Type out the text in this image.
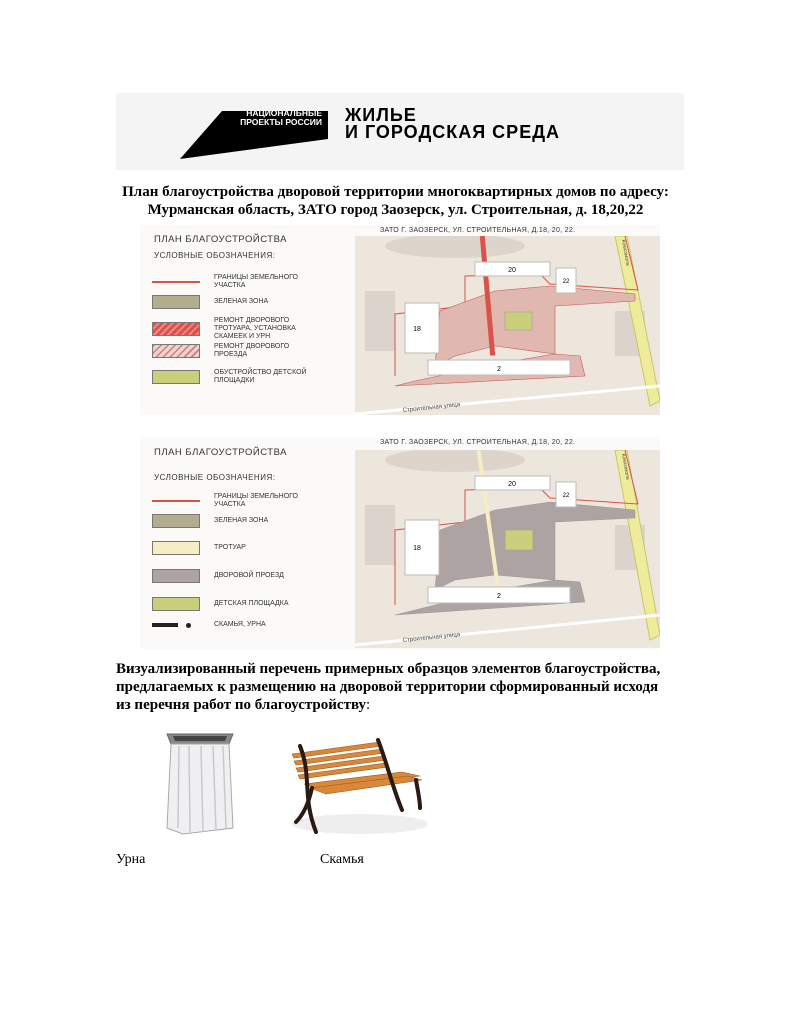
НАЦИОНАЛЬНЫЕ ПРОЕКТЫ РОССИИ ЖИЛЬЕ
И ГОРОДСКАЯ СРЕДА
План благоустройства дворовой территории многоквартирных домов по адресу:
Мурманская область, ЗАТО город Заозерск, ул. Строительная, д. 18,20,22
ПЛАН БЛАГОУСТРОЙСТВА
УСЛОВНЫЕ ОБОЗНАЧЕНИЯ:
ГРАНИЦЫ ЗЕМЕЛЬНОГО УЧАСТКА
ЗЕЛЕНАЯ ЗОНА
РЕМОНТ ДВОРОВОГО ТРОТУАРА, УСТАНОВКА СКАМЕЕК И УРН
РЕМОНТ ДВОРОВОГО ПРОЕЗДА
ОБУСТРОЙСТВО ДЕТСКОЙ ПЛОЩАДКИ
ЗАТО Г. ЗАОЗЕРСК, УЛ. СТРОИТЕЛЬНАЯ, Д.18, 20, 22.
20
22
18
2
Строительная улица
Комсомола
ПЛАН БЛАГОУСТРОЙСТВА
УСЛОВНЫЕ ОБОЗНАЧЕНИЯ:
ГРАНИЦЫ ЗЕМЕЛЬНОГО УЧАСТКА
ЗЕЛЕНАЯ ЗОНА
ТРОТУАР
ДВОРОВОЙ ПРОЕЗД
ДЕТСКАЯ ПЛОЩАДКА
СКАМЬЯ, УРНА
ЗАТО Г. ЗАОЗЕРСК, УЛ. СТРОИТЕЛЬНАЯ, Д.18, 20, 22.
20
22
18
2
Строительная улица
Комсомола
Визуализированный перечень примерных образцов элементов благоустройства, предлагаемых к размещению на дворовой территории сформированный исходя из перечня работ по благоустройству:
Урна	Скамья
